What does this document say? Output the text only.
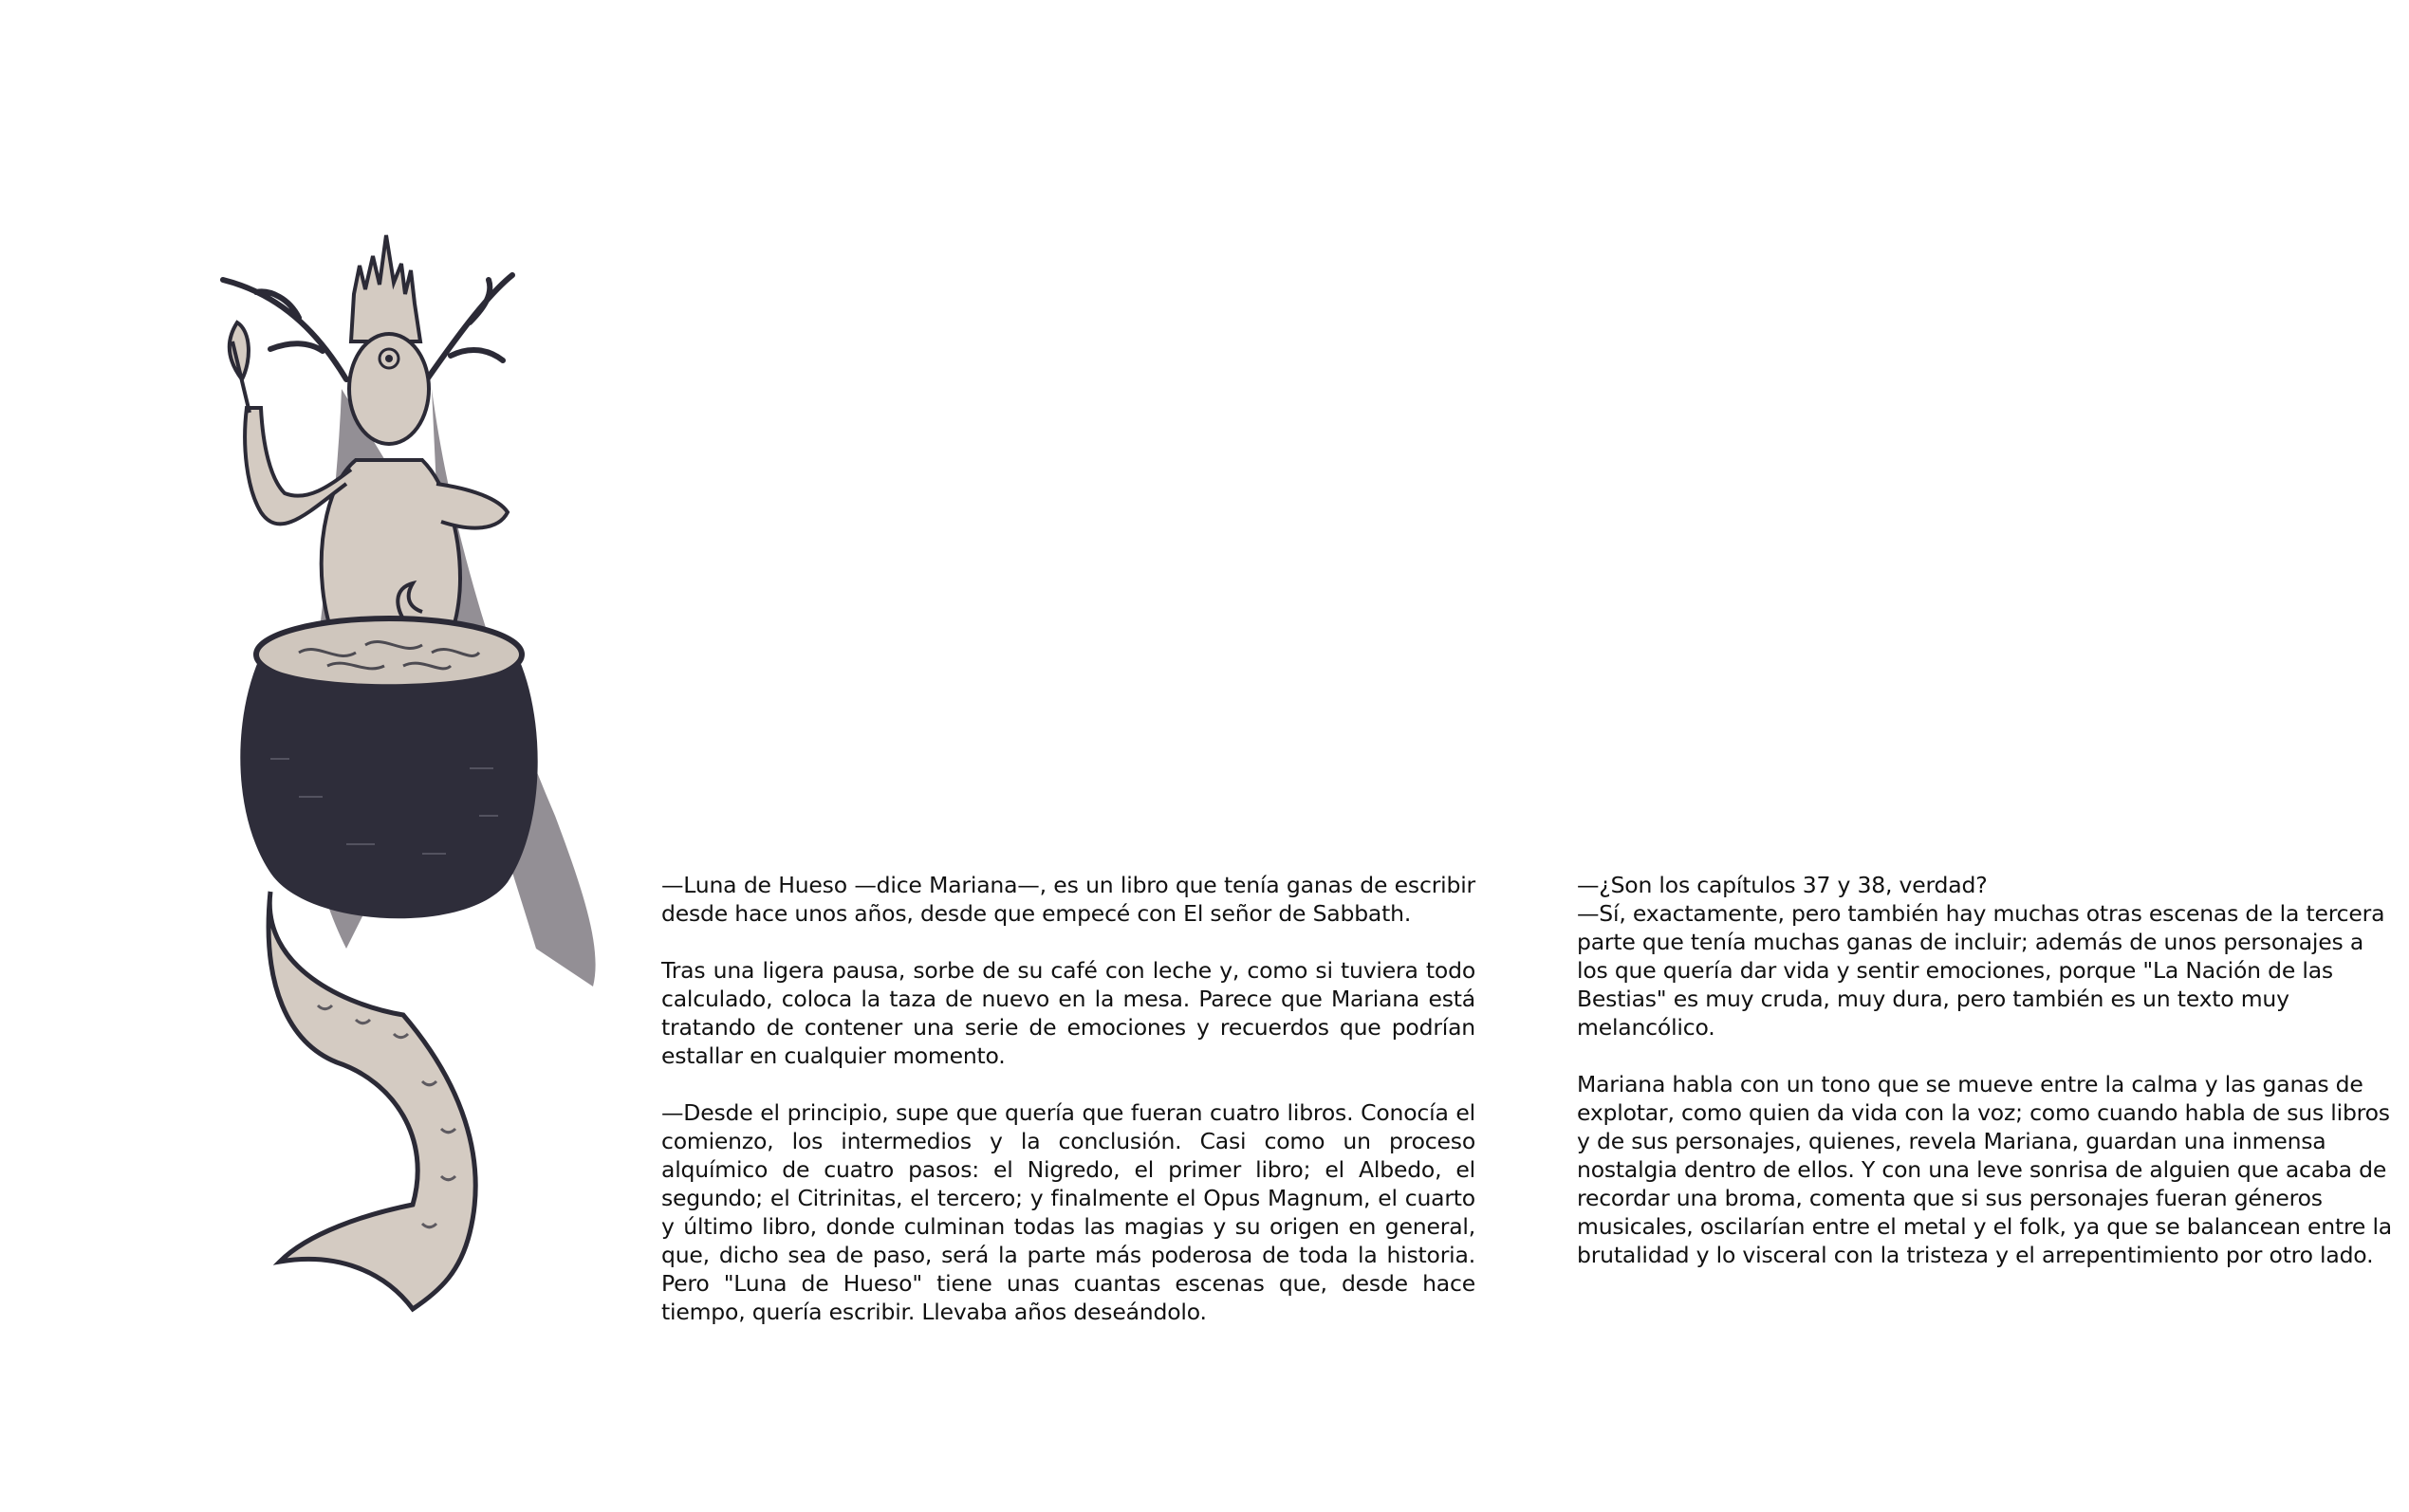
—Luna de Hueso —dice Mariana—, es un libro que tenía ganas de escribir desde hace unos años, desde que empecé con El señor de Sabbath.

Tras una ligera pausa, sorbe de su café con leche y, como si tuviera todo calculado, coloca la taza de nuevo en la mesa. Parece que Mariana está tratando de contener una serie de emociones y recuerdos que podrían estallar en cualquier momento.

—Desde el principio, supe que quería que fueran cuatro libros. Conocía el comienzo, los intermedios y la conclusión. Casi como un proceso alquímico de cuatro pasos: el Nigredo, el primer libro; el Albedo, el segundo; el Citrinitas, el tercero; y finalmente el Opus Magnum, el cuarto y último libro, donde culminan todas las magias y su origen en general, que, dicho sea de paso, será la parte más poderosa de toda la historia. Pero "Luna de Hueso" tiene unas cuantas escenas que, desde hace tiempo, quería escribir. Llevaba años deseándolo.

—¿Son los capítulos 37 y 38, verdad?

—Sí, exactamente, pero también hay muchas otras escenas de la tercera parte que tenía muchas ganas de incluir; además de unos personajes a los que quería dar vida y sentir emociones, porque "La Nación de las Bestias" es muy cruda, muy dura, pero también es un texto muy melancólico.

Mariana habla con un tono que se mueve entre la calma y las ganas de explotar, como quien da vida con la voz; como cuando habla de sus libros y de sus personajes, quienes, revela Mariana, guardan una inmensa nostalgia dentro de ellos. Y con una leve sonrisa de alguien que acaba de recordar una broma, comenta que si sus personajes fueran géneros musicales, oscilarían entre el metal y el folk, ya que se balancean entre la brutalidad y lo visceral con la tristeza y el arrepentimiento por otro lado.
